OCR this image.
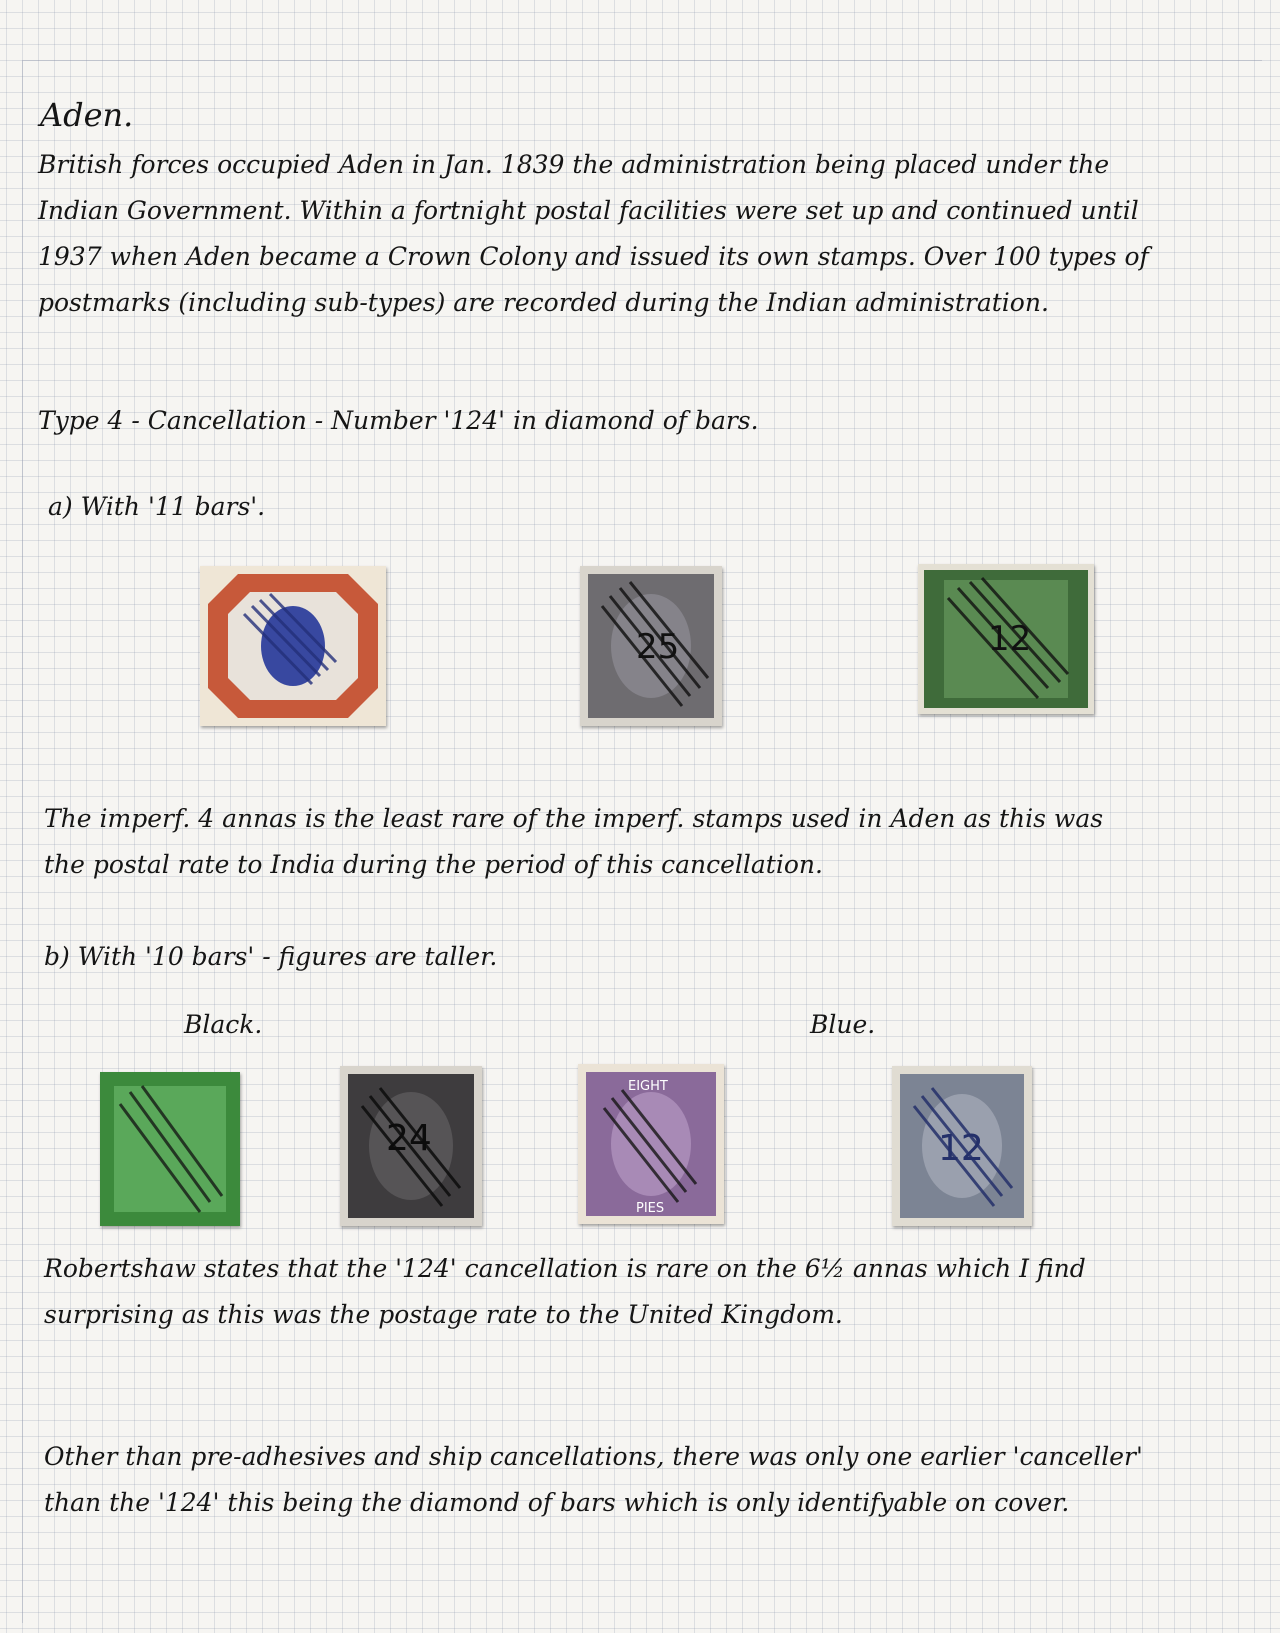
Aden.
British forces occupied Aden in Jan. 1839 the administration being placed under the
Indian Government. Within a fortnight postal facilities were set up and continued until
1937 when Aden became a Crown Colony and issued its own stamps. Over 100 types of
postmarks (including sub-types) are recorded during the Indian administration.
Type 4 - Cancellation - Number '124' in diamond of bars.
a) With '11 bars'.
25	12
The imperf. 4 annas is the least rare of the imperf. stamps used in Aden as this was
the postal rate to India during the period of this cancellation.
b) With '10 bars' - figures are taller.
Black.	Blue.
24
EIGHT
PIES
12
Robertshaw states that the '124' cancellation is rare on the 6½ annas which I find
surprising as this was the postage rate to the United Kingdom.
Other than pre-adhesives and ship cancellations, there was only one earlier 'canceller'
than the '124' this being the diamond of bars which is only identifyable on cover.
